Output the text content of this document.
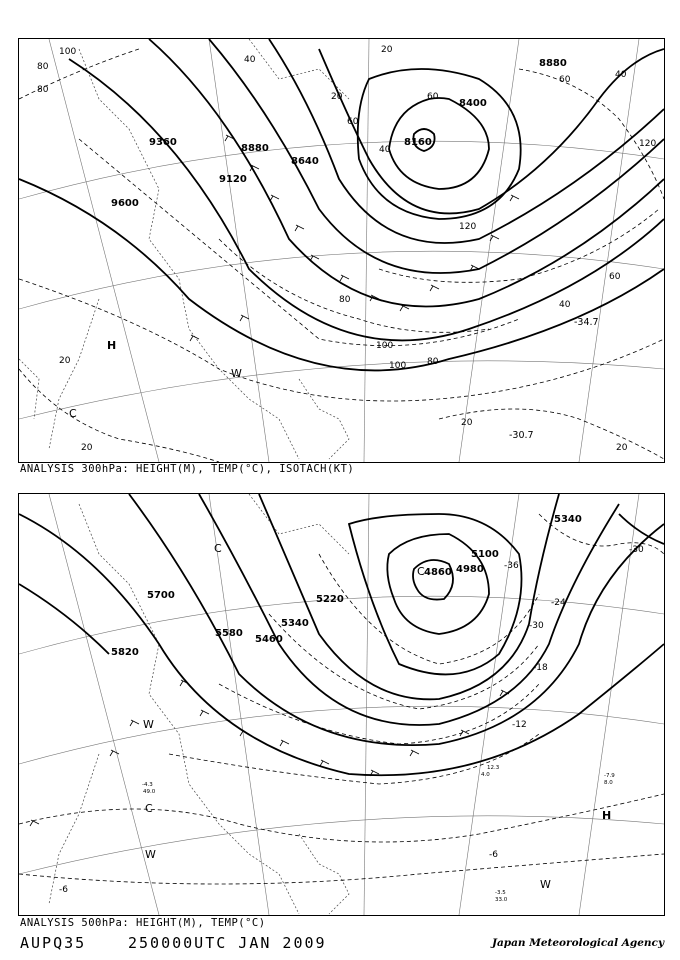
9600
9360
9120
8880
8640
8400
8160
8880
-30.7
-34.7
100
80
80
40
20
20
60
40
60
80
100
120
100 80
60
40
120
60	40
20
20
20	20
H
C
W
ANALYSIS 300hPa: HEIGHT(M), TEMP(°C), ISOTACH(KT)
5820
5700
5580
5460
5340
5220
5100
4980
4860
5340
-36
-30
-24
-18
-12
-6
-30
-6	-3.5
33.0
-7.9
8.0
12.3
4.0
-4.3
49.0
C
W
C
W
W
H
C
ANALYSIS 500hPa: HEIGHT(M), TEMP(°C)
AUPQ35	250000UTC JAN 2009	Japan Meteorological Agency
